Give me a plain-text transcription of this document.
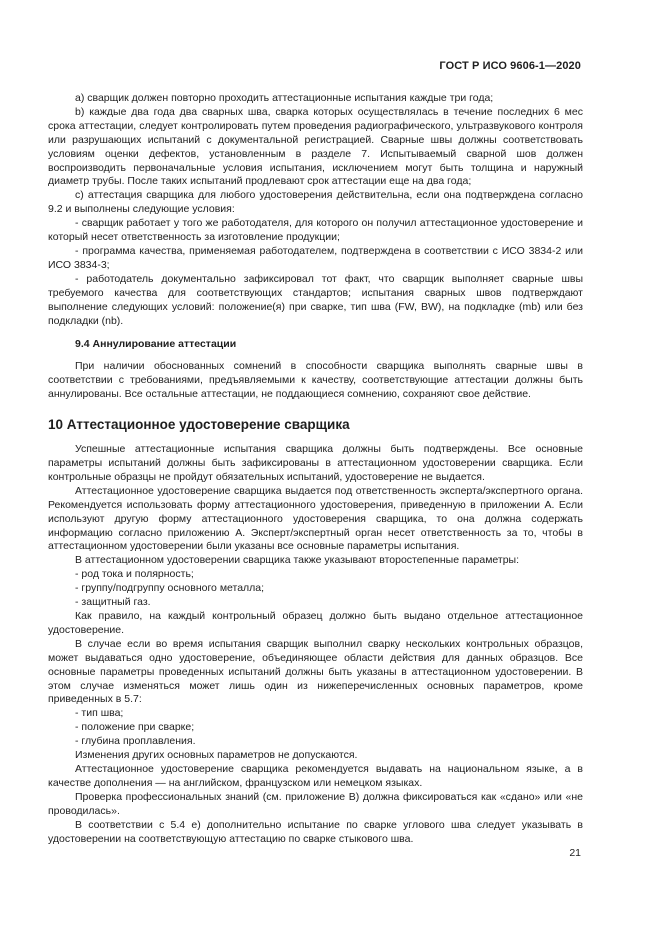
ГОСТ Р ИСО 9606-1—2020

a) сварщик должен повторно проходить аттестационные испытания каждые три года;

b) каждые два года два сварных шва, сварка которых осуществлялась в течение последних 6 мес срока аттестации, следует контролировать путем проведения радиографического, ультразвукового контроля или разрушающих испытаний с документальной регистрацией. Сварные швы должны соответствовать условиям оценки дефектов, установленным в разделе 7. Испытываемый сварной шов должен воспроизводить первоначальные условия испытания, исключением могут быть толщина и наружный диаметр трубы. После таких испытаний продлевают срок аттестации еще на два года;

c) аттестация сварщика для любого удостоверения действительна, если она подтверждена согласно 9.2 и выполнены следующие условия:

- сварщик работает у того же работодателя, для которого он получил аттестационное удостоверение и который несет ответственность за изготовление продукции;

- программа качества, применяемая работодателем, подтверждена в соответствии с ИСО 3834-2 или ИСО 3834-3;

- работодатель документально зафиксировал тот факт, что сварщик выполняет сварные швы требуемого качества для соответствующих стандартов; испытания сварных швов подтверждают выполнение следующих условий: положение(я) при сварке, тип шва (FW, BW), на подкладке (mb) или без подкладки (nb).

9.4 Аннулирование аттестации

При наличии обоснованных сомнений в способности сварщика выполнять сварные швы в соответствии с требованиями, предъявляемыми к качеству, соответствующие аттестации должны быть аннулированы. Все остальные аттестации, не поддающиеся сомнению, сохраняют свое действие.

10 Аттестационное удостоверение сварщика

Успешные аттестационные испытания сварщика должны быть подтверждены. Все основные параметры испытаний должны быть зафиксированы в аттестационном удостоверении сварщика. Если контрольные образцы не пройдут обязательных испытаний, удостоверение не выдается.

Аттестационное удостоверение сварщика выдается под ответственность эксперта/экспертного органа. Рекомендуется использовать форму аттестационного удостоверения, приведенную в приложении А. Если используют другую форму аттестационного удостоверения сварщика, то она должна содержать информацию согласно приложению А. Эксперт/экспертный орган несет ответственность за то, чтобы в аттестационном удостоверении были указаны все основные параметры испытания.

В аттестационном удостоверении сварщика также указывают второстепенные параметры:

- род тока и полярность;

- группу/подгруппу основного металла;

- защитный газ.

Как правило, на каждый контрольный образец должно быть выдано отдельное аттестационное удостоверение.

В случае если во время испытания сварщик выполнил сварку нескольких контрольных образцов, может выдаваться одно удостоверение, объединяющее области действия для данных образцов. Все основные параметры проведенных испытаний должны быть указаны в аттестационном удостоверении. В этом случае изменяться может лишь один из нижеперечисленных основных параметров, кроме приведенных в 5.7:

- тип шва;

- положение при сварке;

- глубина проплавления.

Изменения других основных параметров не допускаются.

Аттестационное удостоверение сварщика рекомендуется выдавать на национальном языке, а в качестве дополнения — на английском, французском или немецком языках.

Проверка профессиональных знаний (см. приложение В) должна фиксироваться как «сдано» или «не проводилась».

В соответствии с 5.4 е) дополнительно испытание по сварке углового шва следует указывать в удостоверении на соответствующую аттестацию по сварке стыкового шва.

21
